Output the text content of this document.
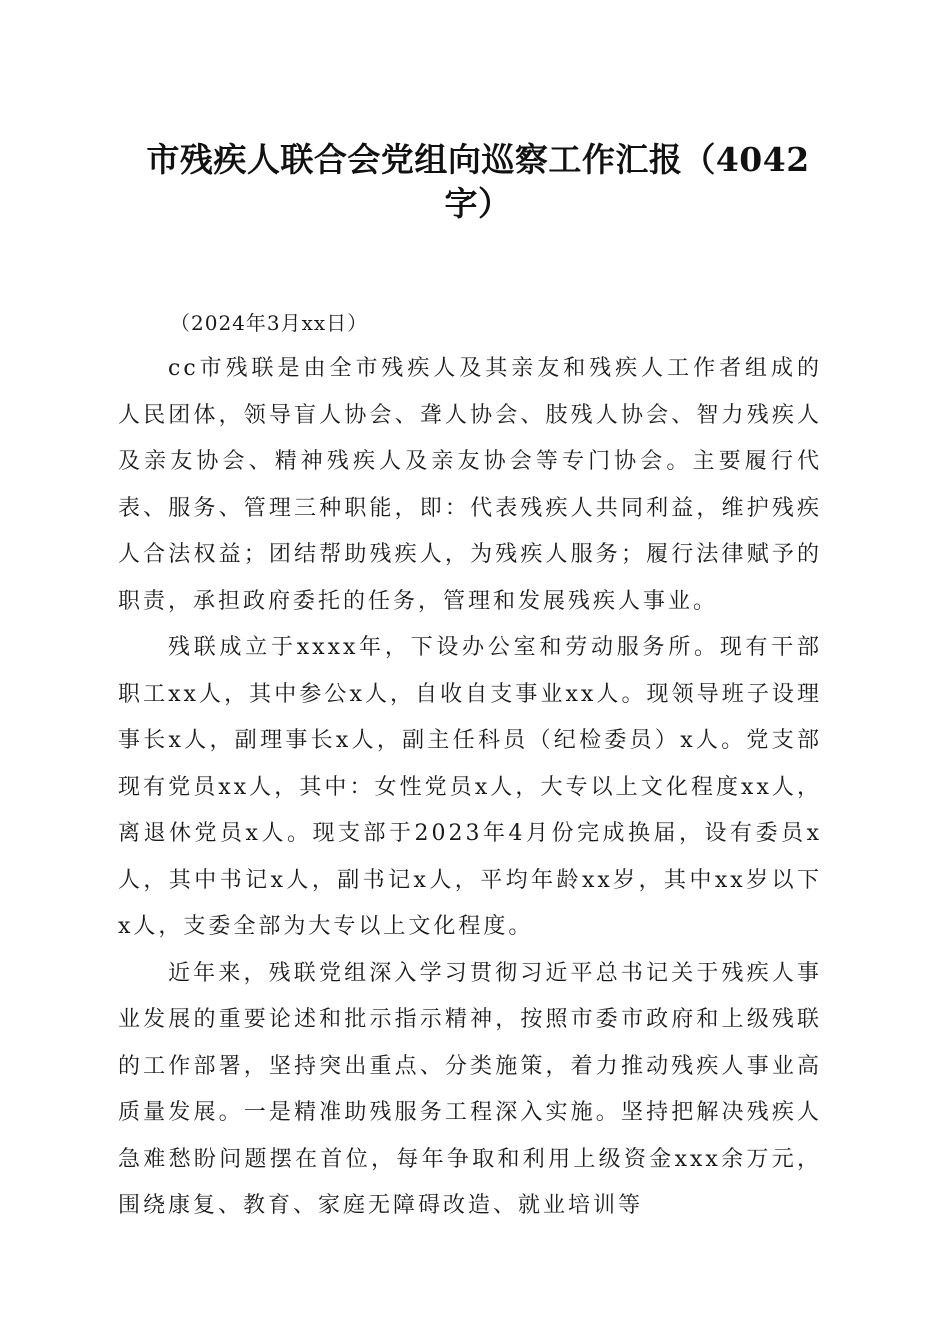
市残疾人联合会党组向巡察工作汇报（4042
字）
（2024年3月xx日）

cc市残联是由全市残疾人及其亲友和残疾人工作者组成的人民团体，领导盲人协会、聋人协会、肢残人协会、智力残疾人及亲友协会、精神残疾人及亲友协会等专门协会。主要履行代表、服务、管理三种职能，即：代表残疾人共同利益，维护残疾人合法权益；团结帮助残疾人，为残疾人服务；履行法律赋予的职责，承担政府委托的任务，管理和发展残疾人事业。

残联成立于xxxx年，下设办公室和劳动服务所。现有干部职工xx人，其中参公x人，自收自支事业xx人。现领导班子设理事长x人，副理事长x人，副主任科员（纪检委员）x人。党支部现有党员xx人，其中：女性党员x人，大专以上文化程度xx人，离退休党员x人。现支部于2023年4月份完成换届，设有委员x人，其中书记x人，副书记x人，平均年龄xx岁，其中xx岁以下x人，支委全部为大专以上文化程度。

近年来，残联党组深入学习贯彻习近平总书记关于残疾人事业发展的重要论述和批示指示精神，按照市委市政府和上级残联的工作部署，坚持突出重点、分类施策，着力推动残疾人事业高质量发展。一是精准助残服务工程深入实施。坚持把解决残疾人急难愁盼问题摆在首位，每年争取和利用上级资金xxx余万元，围绕康复、教育、家庭无障碍改造、就业培训等
